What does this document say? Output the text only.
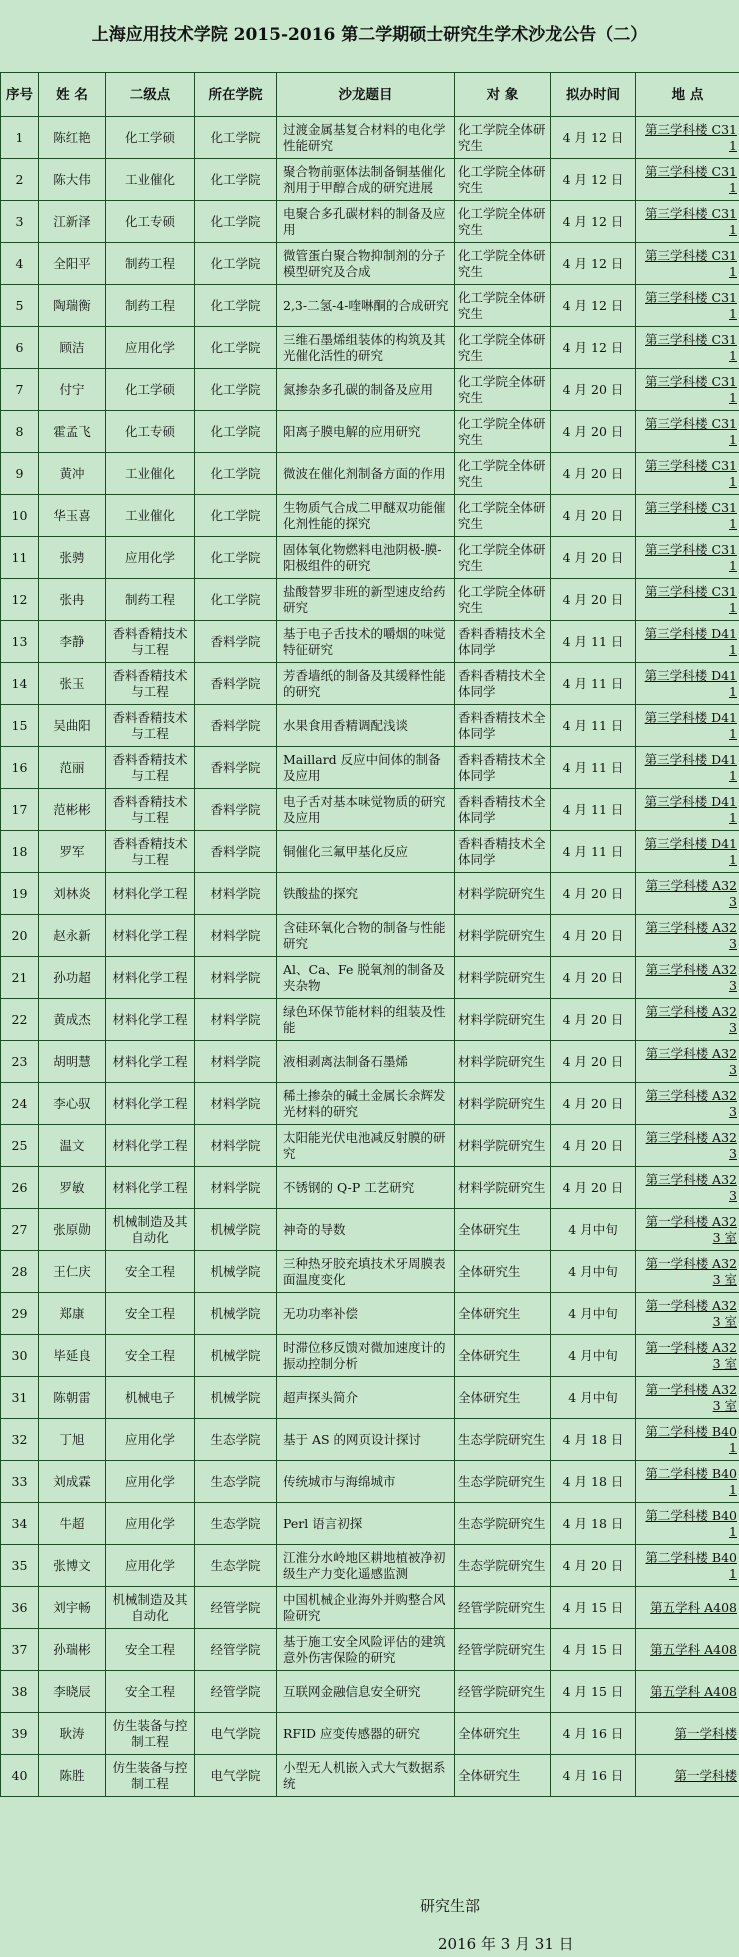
上海应用技术学院 2015-2016 第二学期硕士研究生学术沙龙公告（二）
序号	姓 名	二级点	所在学院	沙龙题目	对 象	拟办时间	地 点
1	陈红艳	化工学硕	化工学院	过渡金属基复合材料的电化学性能研究	化工学院全体研究生	4 月 12 日	第三学科楼 C311
2	陈大伟	工业催化	化工学院	聚合物前驱体法制备铜基催化剂用于甲醇合成的研究进展	化工学院全体研究生	4 月 12 日	第三学科楼 C311
3	江新泽	化工专硕	化工学院	电聚合多孔碳材料的制备及应用	化工学院全体研究生	4 月 12 日	第三学科楼 C311
4	全阳平	制药工程	化工学院	微管蛋白聚合物抑制剂的分子模型研究及合成	化工学院全体研究生	4 月 12 日	第三学科楼 C311
5	陶瑞衡	制药工程	化工学院	2,3-二氢-4-喹啉酮的合成研究	化工学院全体研究生	4 月 12 日	第三学科楼 C311
6	顾洁	应用化学	化工学院	三维石墨烯组装体的构筑及其光催化活性的研究	化工学院全体研究生	4 月 12 日	第三学科楼 C311
7	付宁	化工学硕	化工学院	氮掺杂多孔碳的制备及应用	化工学院全体研究生	4 月 20 日	第三学科楼 C311
8	霍孟飞	化工专硕	化工学院	阳离子膜电解的应用研究	化工学院全体研究生	4 月 20 日	第三学科楼 C311
9	黄冲	工业催化	化工学院	微波在催化剂制备方面的作用	化工学院全体研究生	4 月 20 日	第三学科楼 C311
10	华玉喜	工业催化	化工学院	生物质气合成二甲醚双功能催化剂性能的探究	化工学院全体研究生	4 月 20 日	第三学科楼 C311
11	张骋	应用化学	化工学院	固体氧化物燃料电池阴极-膜-阳极组件的研究	化工学院全体研究生	4 月 20 日	第三学科楼 C311
12	张冉	制药工程	化工学院	盐酸替罗非班的新型速皮给药研究	化工学院全体研究生	4 月 20 日	第三学科楼 C311
13	李静	香料香精技术与工程	香料学院	基于电子舌技术的嚼烟的味觉特征研究	香料香精技术全体同学	4 月 11 日	第三学科楼 D411
14	张玉	香料香精技术与工程	香料学院	芳香墙纸的制备及其缓释性能的研究	香料香精技术全体同学	4 月 11 日	第三学科楼 D411
15	吴曲阳	香料香精技术与工程	香料学院	水果食用香精调配浅谈	香料香精技术全体同学	4 月 11 日	第三学科楼 D411
16	范丽	香料香精技术与工程	香料学院	Maillard 反应中间体的制备及应用	香料香精技术全体同学	4 月 11 日	第三学科楼 D411
17	范彬彬	香料香精技术与工程	香料学院	电子舌对基本味觉物质的研究及应用	香料香精技术全体同学	4 月 11 日	第三学科楼 D411
18	罗军	香料香精技术与工程	香料学院	铜催化三氟甲基化反应	香料香精技术全体同学	4 月 11 日	第三学科楼 D411
19	刘林炎	材料化学工程	材料学院	铁酸盐的探究	材料学院研究生	4 月 20 日	第三学科楼 A323
20	赵永新	材料化学工程	材料学院	含硅环氧化合物的制备与性能研究	材料学院研究生	4 月 20 日	第三学科楼 A323
21	孙功超	材料化学工程	材料学院	Al、Ca、Fe 脱氧剂的制备及夹杂物	材料学院研究生	4 月 20 日	第三学科楼 A323
22	黄成杰	材料化学工程	材料学院	绿色环保节能材料的组装及性能	材料学院研究生	4 月 20 日	第三学科楼 A323
23	胡明慧	材料化学工程	材料学院	液相剥离法制备石墨烯	材料学院研究生	4 月 20 日	第三学科楼 A323
24	李心驭	材料化学工程	材料学院	稀土掺杂的碱土金属长余辉发光材料的研究	材料学院研究生	4 月 20 日	第三学科楼 A323
25	温文	材料化学工程	材料学院	太阳能光伏电池减反射膜的研究	材料学院研究生	4 月 20 日	第三学科楼 A323
26	罗敏	材料化学工程	材料学院	不锈钢的 Q-P 工艺研究	材料学院研究生	4 月 20 日	第三学科楼 A323
27	张原勋	机械制造及其自动化	机械学院	神奇的导数	全体研究生	4 月中旬	第一学科楼 A323 室
28	王仁庆	安全工程	机械学院	三种热牙胶充填技术牙周膜表面温度变化	全体研究生	4 月中旬	第一学科楼 A323 室
29	郑康	安全工程	机械学院	无功功率补偿	全体研究生	4 月中旬	第一学科楼 A323 室
30	毕延良	安全工程	机械学院	时滞位移反馈对微加速度计的振动控制分析	全体研究生	4 月中旬	第一学科楼 A323 室
31	陈朝雷	机械电子	机械学院	超声探头简介	全体研究生	4 月中旬	第一学科楼 A323 室
32	丁旭	应用化学	生态学院	基于 AS 的网页设计探讨	生态学院研究生	4 月 18 日	第二学科楼 B401
33	刘成霖	应用化学	生态学院	传统城市与海绵城市	生态学院研究生	4 月 18 日	第二学科楼 B401
34	牛超	应用化学	生态学院	Perl 语言初探	生态学院研究生	4 月 18 日	第二学科楼 B401
35	张博文	应用化学	生态学院	江淮分水岭地区耕地植被净初级生产力变化遥感监测	生态学院研究生	4 月 20 日	第二学科楼 B401
36	刘宇畅	机械制造及其自动化	经管学院	中国机械企业海外并购整合风险研究	经管学院研究生	4 月 15 日	第五学科 A408
37	孙瑞彬	安全工程	经管学院	基于施工安全风险评估的建筑意外伤害保险的研究	经管学院研究生	4 月 15 日	第五学科 A408
38	李晓辰	安全工程	经管学院	互联网金融信息安全研究	经管学院研究生	4 月 15 日	第五学科 A408
39	耿涛	仿生装备与控制工程	电气学院	RFID 应变传感器的研究	全体研究生	4 月 16 日	第一学科楼
40	陈胜	仿生装备与控制工程	电气学院	小型无人机嵌入式大气数据系统	全体研究生	4 月 16 日	第一学科楼
研究生部
2016 年 3 月 31 日
